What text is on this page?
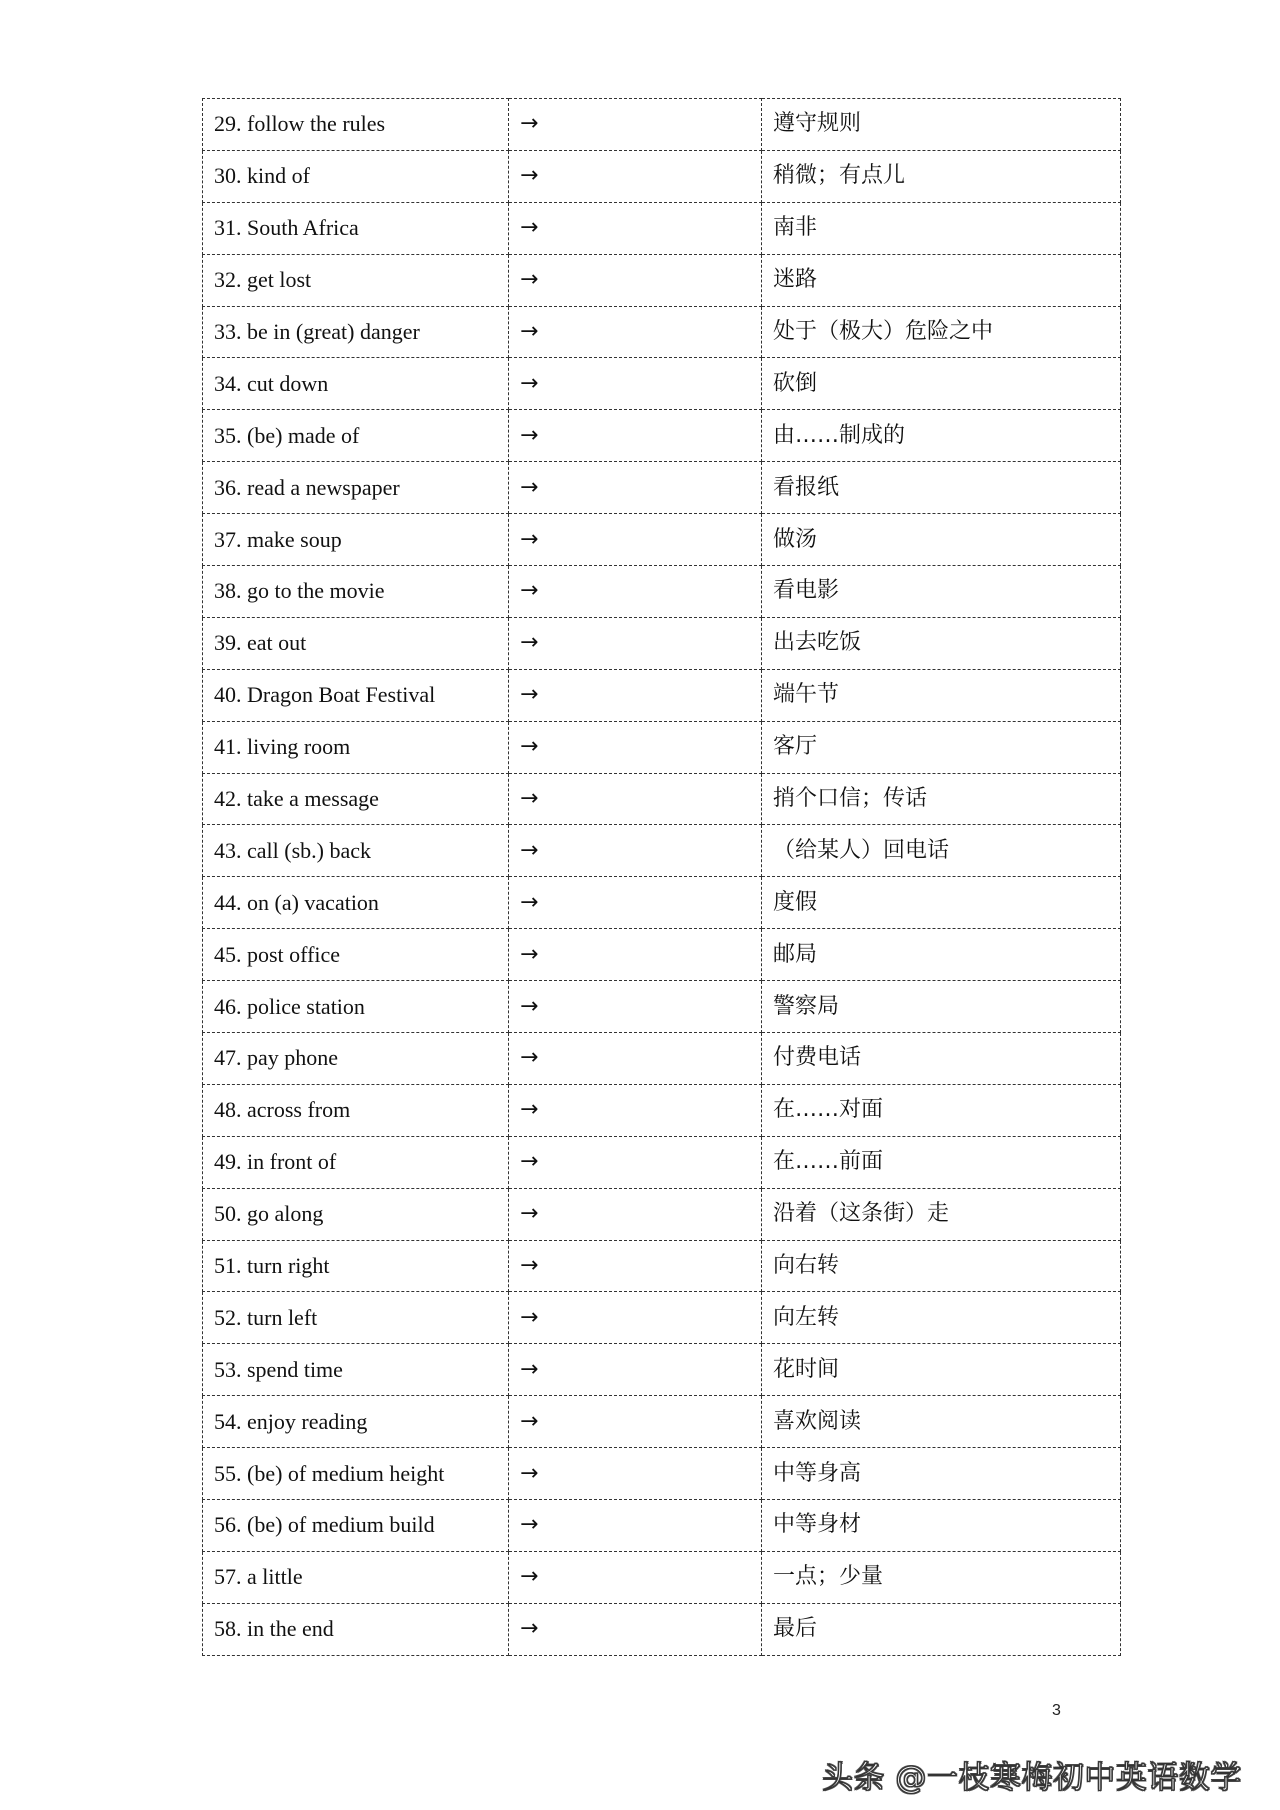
29. follow the rules	→	遵守规则
30. kind of	→	稍微；有点儿
31. South Africa	→	南非
32. get lost	→	迷路
33. be in (great) danger	→	处于（极大）危险之中
34. cut down	→	砍倒
35. (be) made of	→	由……制成的
36. read a newspaper	→	看报纸
37. make soup	→	做汤
38. go to the movie	→	看电影
39. eat out	→	出去吃饭
40. Dragon Boat Festival	→	端午节
41. living room	→	客厅
42. take a message	→	捎个口信；传话
43. call (sb.) back	→	（给某人）回电话
44. on (a) vacation	→	度假
45. post office	→	邮局
46. police station	→	警察局
47. pay phone	→	付费电话
48. across from	→	在……对面
49. in front of	→	在……前面
50. go along	→	沿着（这条街）走
51. turn right	→	向右转
52. turn left	→	向左转
53. spend time	→	花时间
54. enjoy reading	→	喜欢阅读
55. (be) of medium height	→	中等身高
56. (be) of medium build	→	中等身材
57. a little	→	一点；少量
58. in the end	→	最后
3
头条 @一枝寒梅初中英语数学
